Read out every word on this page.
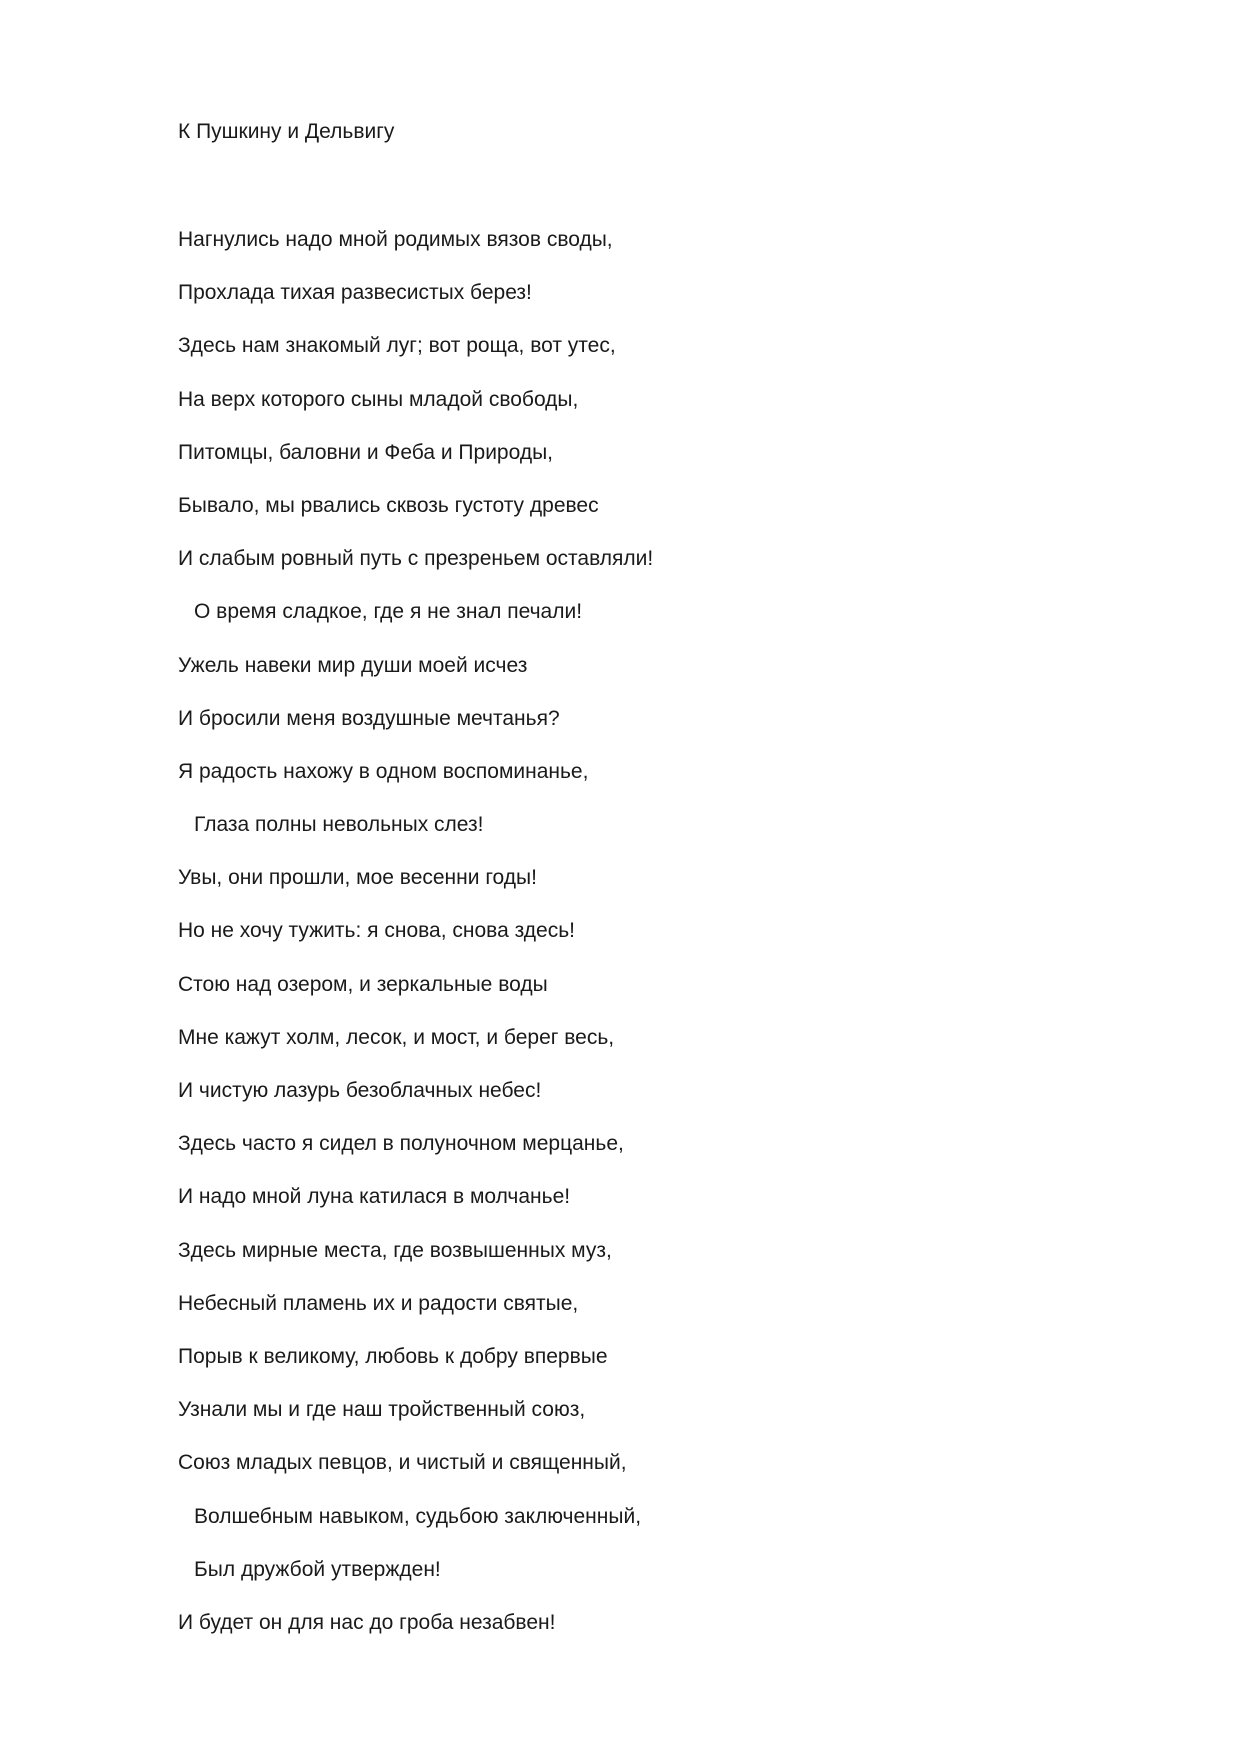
К Пушкину и Дельвигу
Нагнулись надо мной родимых вязов своды,
Прохлада тихая развесистых берез!
Здесь нам знакомый луг; вот роща, вот утес,
На верх которого сыны младой свободы,
Питомцы, баловни и Феба и Природы,
Бывало, мы рвались сквозь густоту древес
И слабым ровный путь с презреньем оставляли!
О время сладкое, где я не знал печали!
Ужель навеки мир души моей исчез
И бросили меня воздушные мечтанья?
Я радость нахожу в одном воспоминанье,
Глаза полны невольных слез!
Увы, они прошли, мое весенни годы!
Но не хочу тужить: я снова, снова здесь!
Стою над озером, и зеркальные воды
Мне кажут холм, лесок, и мост, и берег весь,
И чистую лазурь безоблачных небес!
Здесь часто я сидел в полуночном мерцанье,
И надо мной луна катилася в молчанье!
Здесь мирные места, где возвышенных муз,
Небесный пламень их и радости святые,
Порыв к великому, любовь к добру впервые
Узнали мы и где наш тройственный союз,
Союз младых певцов, и чистый и священный,
Волшебным навыком, судьбою заключенный,
Был дружбой утвержден!
И будет он для нас до гроба незабвен!
